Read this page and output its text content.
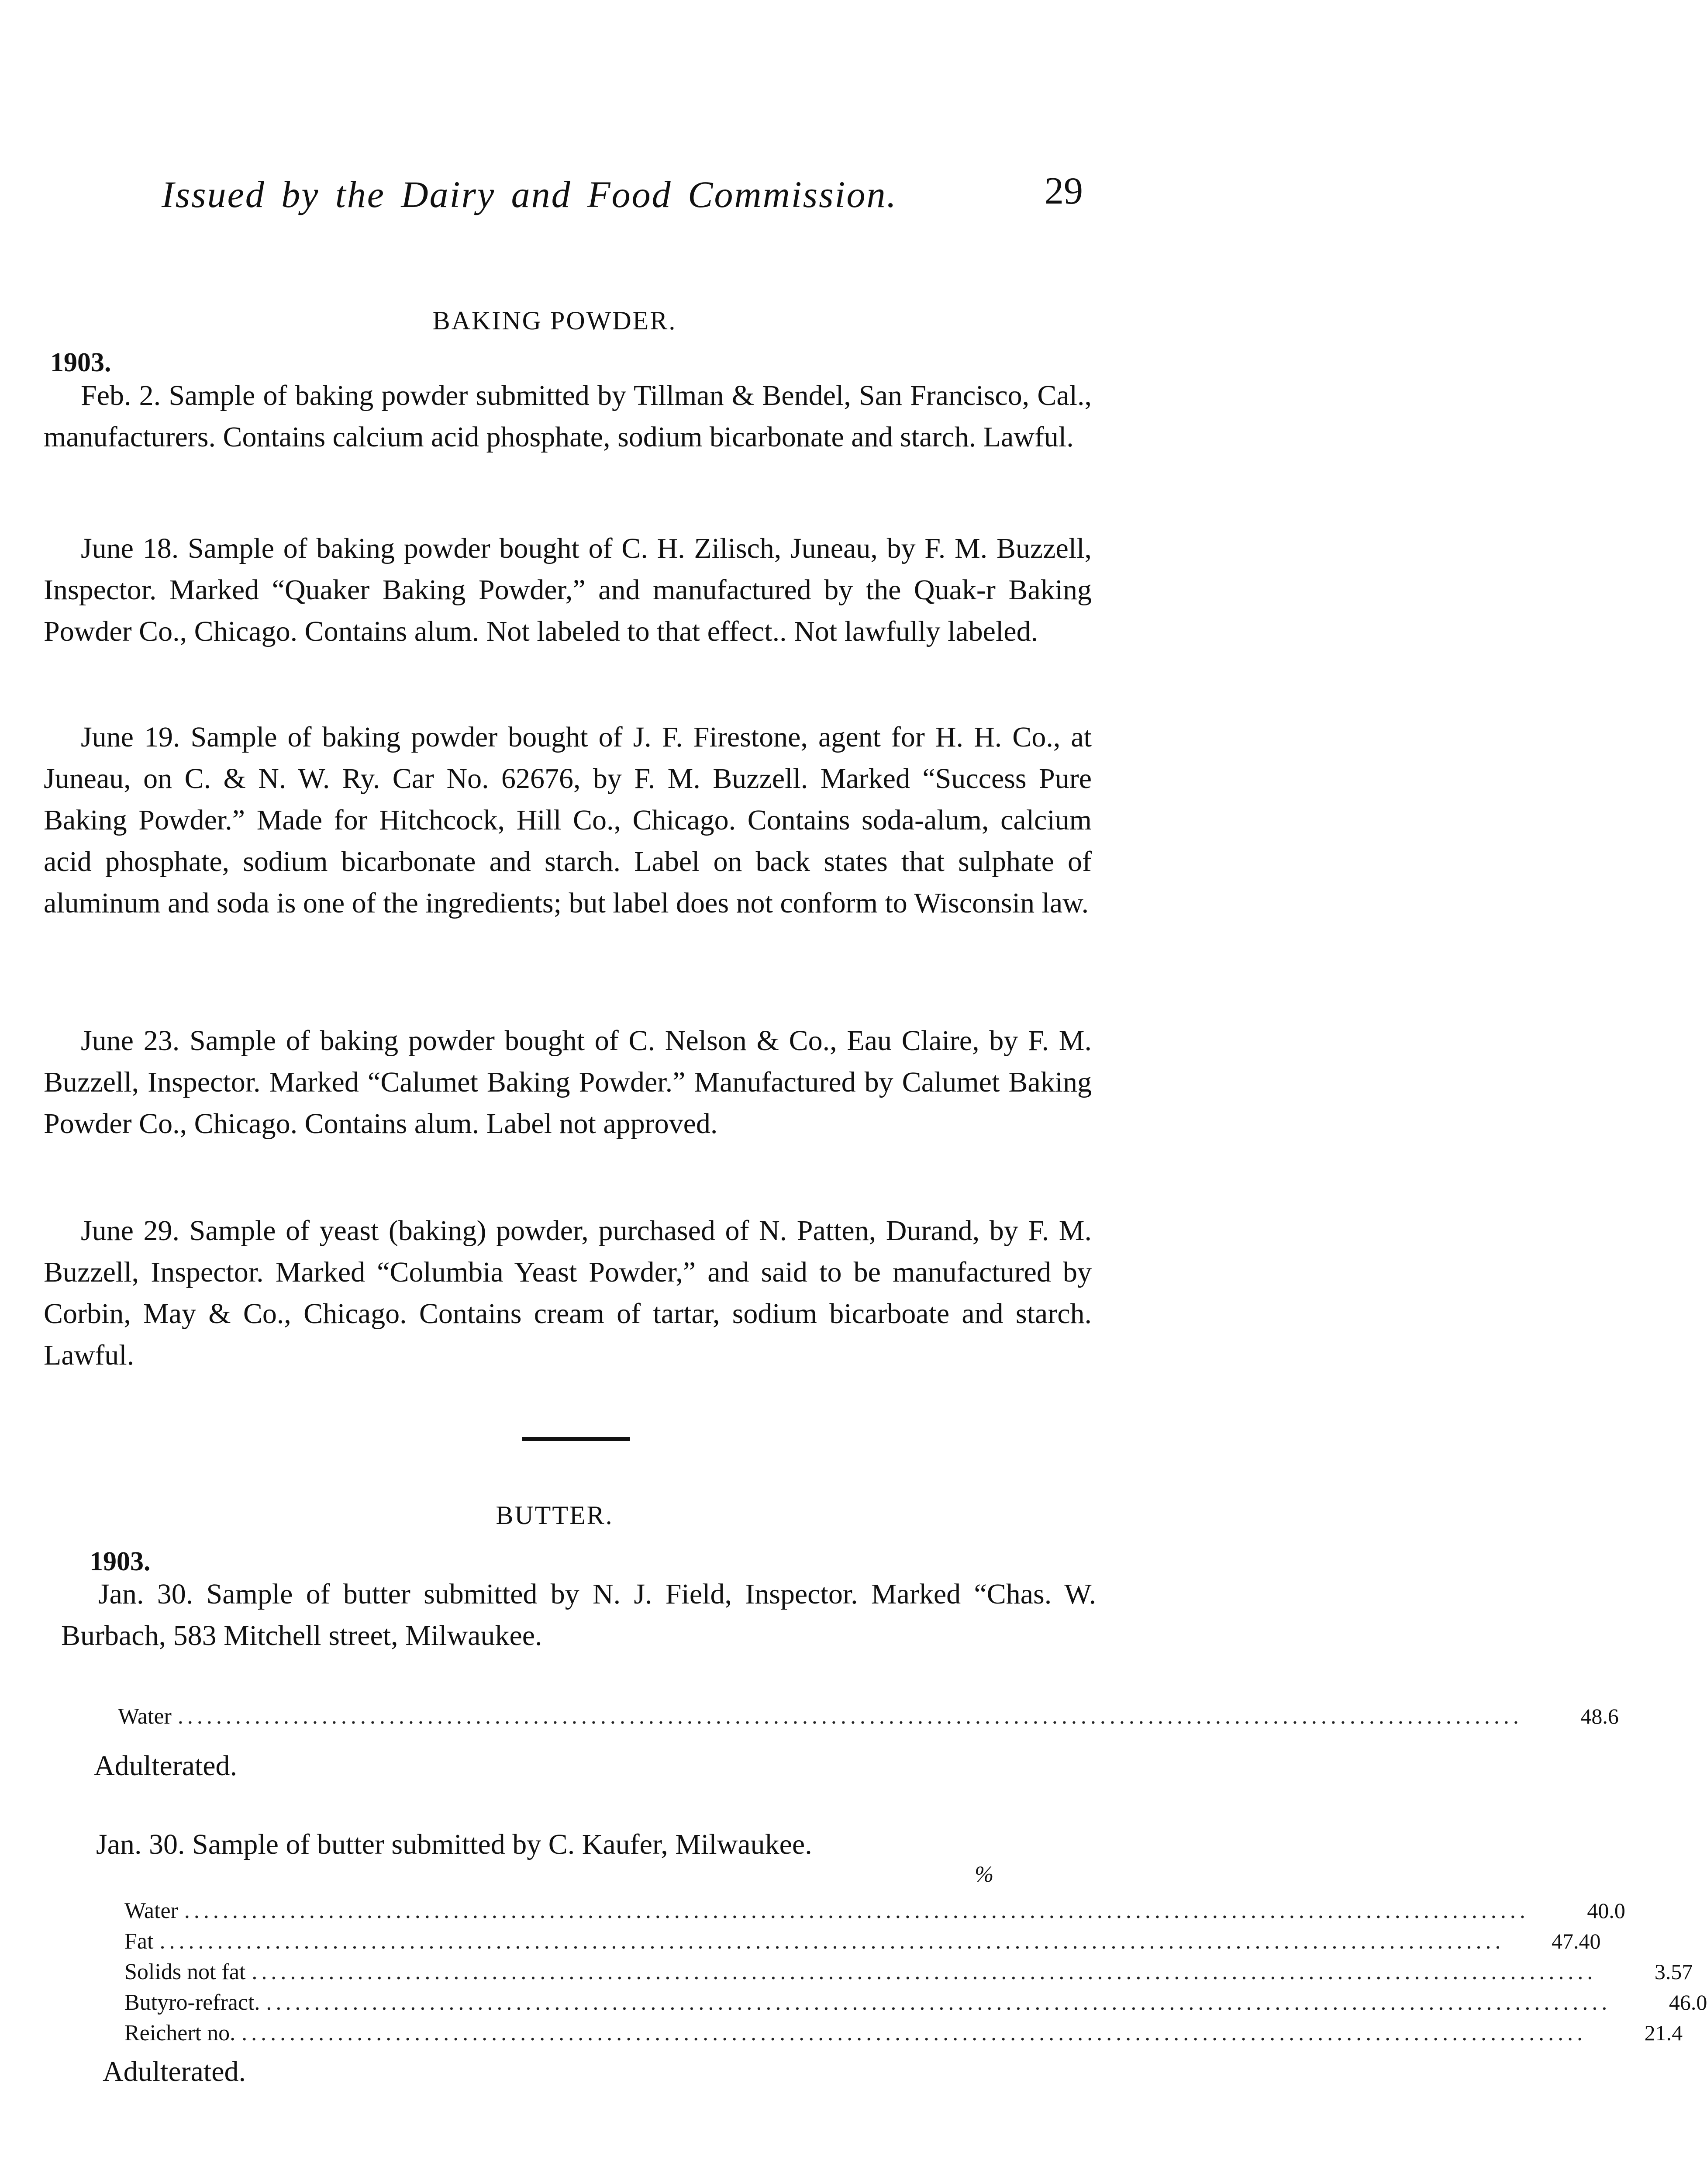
Issued by the Dairy and Food Commission.	29
BAKING POWDER.
1903.

Feb. 2. Sample of baking powder submitted by Tillman & Bendel, San Francisco, Cal., manufacturers. Contains calcium acid phosphate, sodium bicarbonate and starch. Lawful.

June 18. Sample of baking powder bought of C. H. Zilisch, Juneau, by F. M. Buzzell, Inspector. Marked “Quaker Baking Powder,” and manufactured by the Quak‑r Baking Powder Co., Chicago. Contains alum. Not labeled to that effect.. Not lawfully labeled.

June 19. Sample of baking powder bought of J. F. Firestone, agent for H. H. Co., at Juneau, on C. & N. W. Ry. Car No. 62676, by F. M. Buzzell. Marked “Success Pure Baking Powder.” Made for Hitchcock, Hill Co., Chicago. Contains soda-alum, calcium acid phosphate, sodium bicarbonate and starch. Label on back states that sulphate of aluminum and soda is one of the ingredients; but label does not conform to Wisconsin law.

June 23. Sample of baking powder bought of C. Nelson & Co., Eau Claire, by F. M. Buzzell, Inspector. Marked “Calumet Baking Powder.” Manufactured by Calumet Baking Powder Co., Chicago. Contains alum. Label not approved.

June 29. Sample of yeast (baking) powder, purchased of N. Patten, Durand, by F. M. Buzzell, Inspector. Marked “Columbia Yeast Powder,” and said to be manufactured by Corbin, May & Co., Chicago. Contains cream of tartar, sodium bicarboate and starch. Lawful.

BUTTER.
1903.

Jan. 30. Sample of butter submitted by N. J. Field, Inspector. Marked “Chas. W. Burbach, 583 Mitchell street, Milwaukee.

Water ............................................................................................................................................	48.6
Adulterated.

Jan. 30. Sample of butter submitted by C. Kaufer, Milwaukee.

%
Water ............................................................................................................................................	40.0
Fat ............................................................................................................................................	47.40
Solids not fat ............................................................................................................................................	3.57
Butyro-refract. ............................................................................................................................................	46.0
Reichert no. ............................................................................................................................................	21.4
Adulterated.
